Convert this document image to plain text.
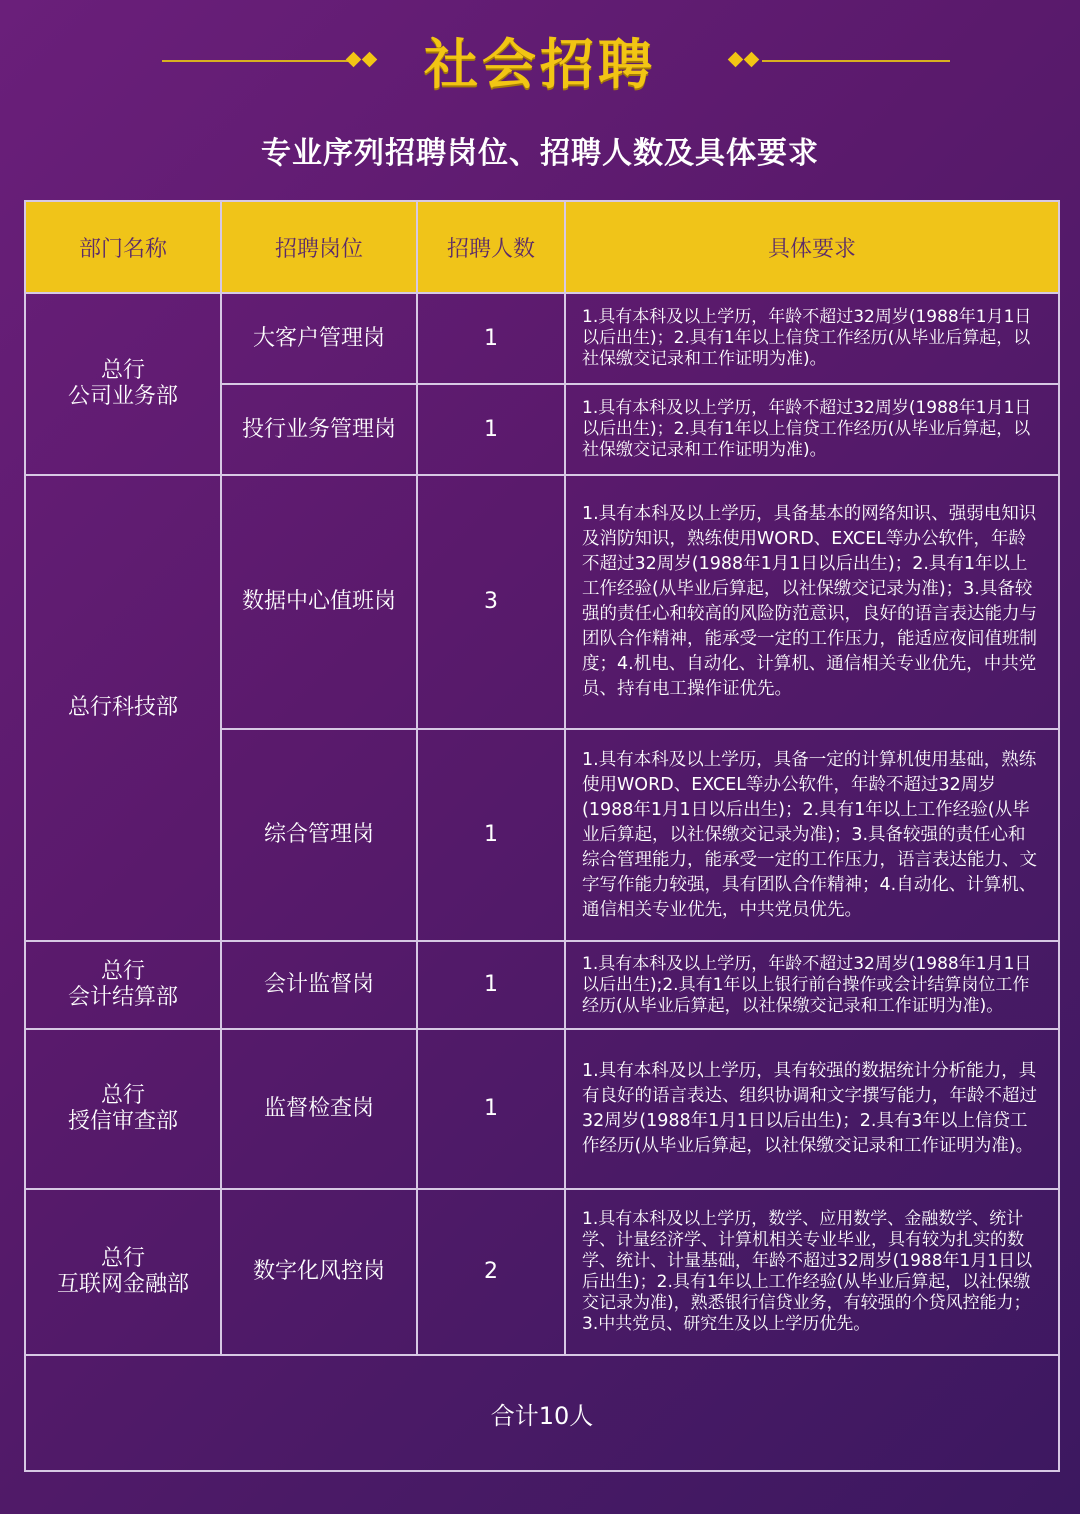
社会招聘
专业序列招聘岗位、招聘人数及具体要求
部门名称	招聘岗位	招聘人数	具体要求

总行
公司业务部	大客户管理岗	1	1.具有本科及以上学历，年龄不超过32周岁(1988年1月1日以后出生)；2.具有1年以上信贷工作经历(从毕业后算起，以社保缴交记录和工作证明为准)。
	投行业务管理岗	1	1.具有本科及以上学历，年龄不超过32周岁(1988年1月1日以后出生)；2.具有1年以上信贷工作经历(从毕业后算起，以社保缴交记录和工作证明为准)。

总行科技部	数据中心值班岗	3	1.具有本科及以上学历，具备基本的网络知识、强弱电知识及消防知识，熟练使用WORD、EXCEL等办公软件，年龄不超过32周岁(1988年1月1日以后出生)；2.具有1年以上工作经验(从毕业后算起，以社保缴交记录为准)；3.具备较强的责任心和较高的风险防范意识，良好的语言表达能力与团队合作精神，能承受一定的工作压力，能适应夜间值班制度；4.机电、自动化、计算机、通信相关专业优先，中共党员、持有电工操作证优先。
	综合管理岗	1	1.具有本科及以上学历，具备一定的计算机使用基础，熟练使用WORD、EXCEL等办公软件，年龄不超过32周岁(1988年1月1日以后出生)；2.具有1年以上工作经验(从毕业后算起，以社保缴交记录为准)；3.具备较强的责任心和综合管理能力，能承受一定的工作压力，语言表达能力、文字写作能力较强，具有团队合作精神；4.自动化、计算机、通信相关专业优先，中共党员优先。

总行
会计结算部	会计监督岗	1	1.具有本科及以上学历，年龄不超过32周岁(1988年1月1日以后出生);2.具有1年以上银行前台操作或会计结算岗位工作经历(从毕业后算起，以社保缴交记录和工作证明为准)。

总行
授信审查部	监督检查岗	1	1.具有本科及以上学历，具有较强的数据统计分析能力，具有良好的语言表达、组织协调和文字撰写能力，年龄不超过32周岁(1988年1月1日以后出生)；2.具有3年以上信贷工作经历(从毕业后算起，以社保缴交记录和工作证明为准)。

总行
互联网金融部	数字化风控岗	2	1.具有本科及以上学历，数学、应用数学、金融数学、统计学、计量经济学、计算机相关专业毕业，具有较为扎实的数学、统计、计量基础，年龄不超过32周岁(1988年1月1日以后出生)；2.具有1年以上工作经验(从毕业后算起，以社保缴交记录为准)，熟悉银行信贷业务，有较强的个贷风控能力；3.中共党员、研究生及以上学历优先。
合计10人			
